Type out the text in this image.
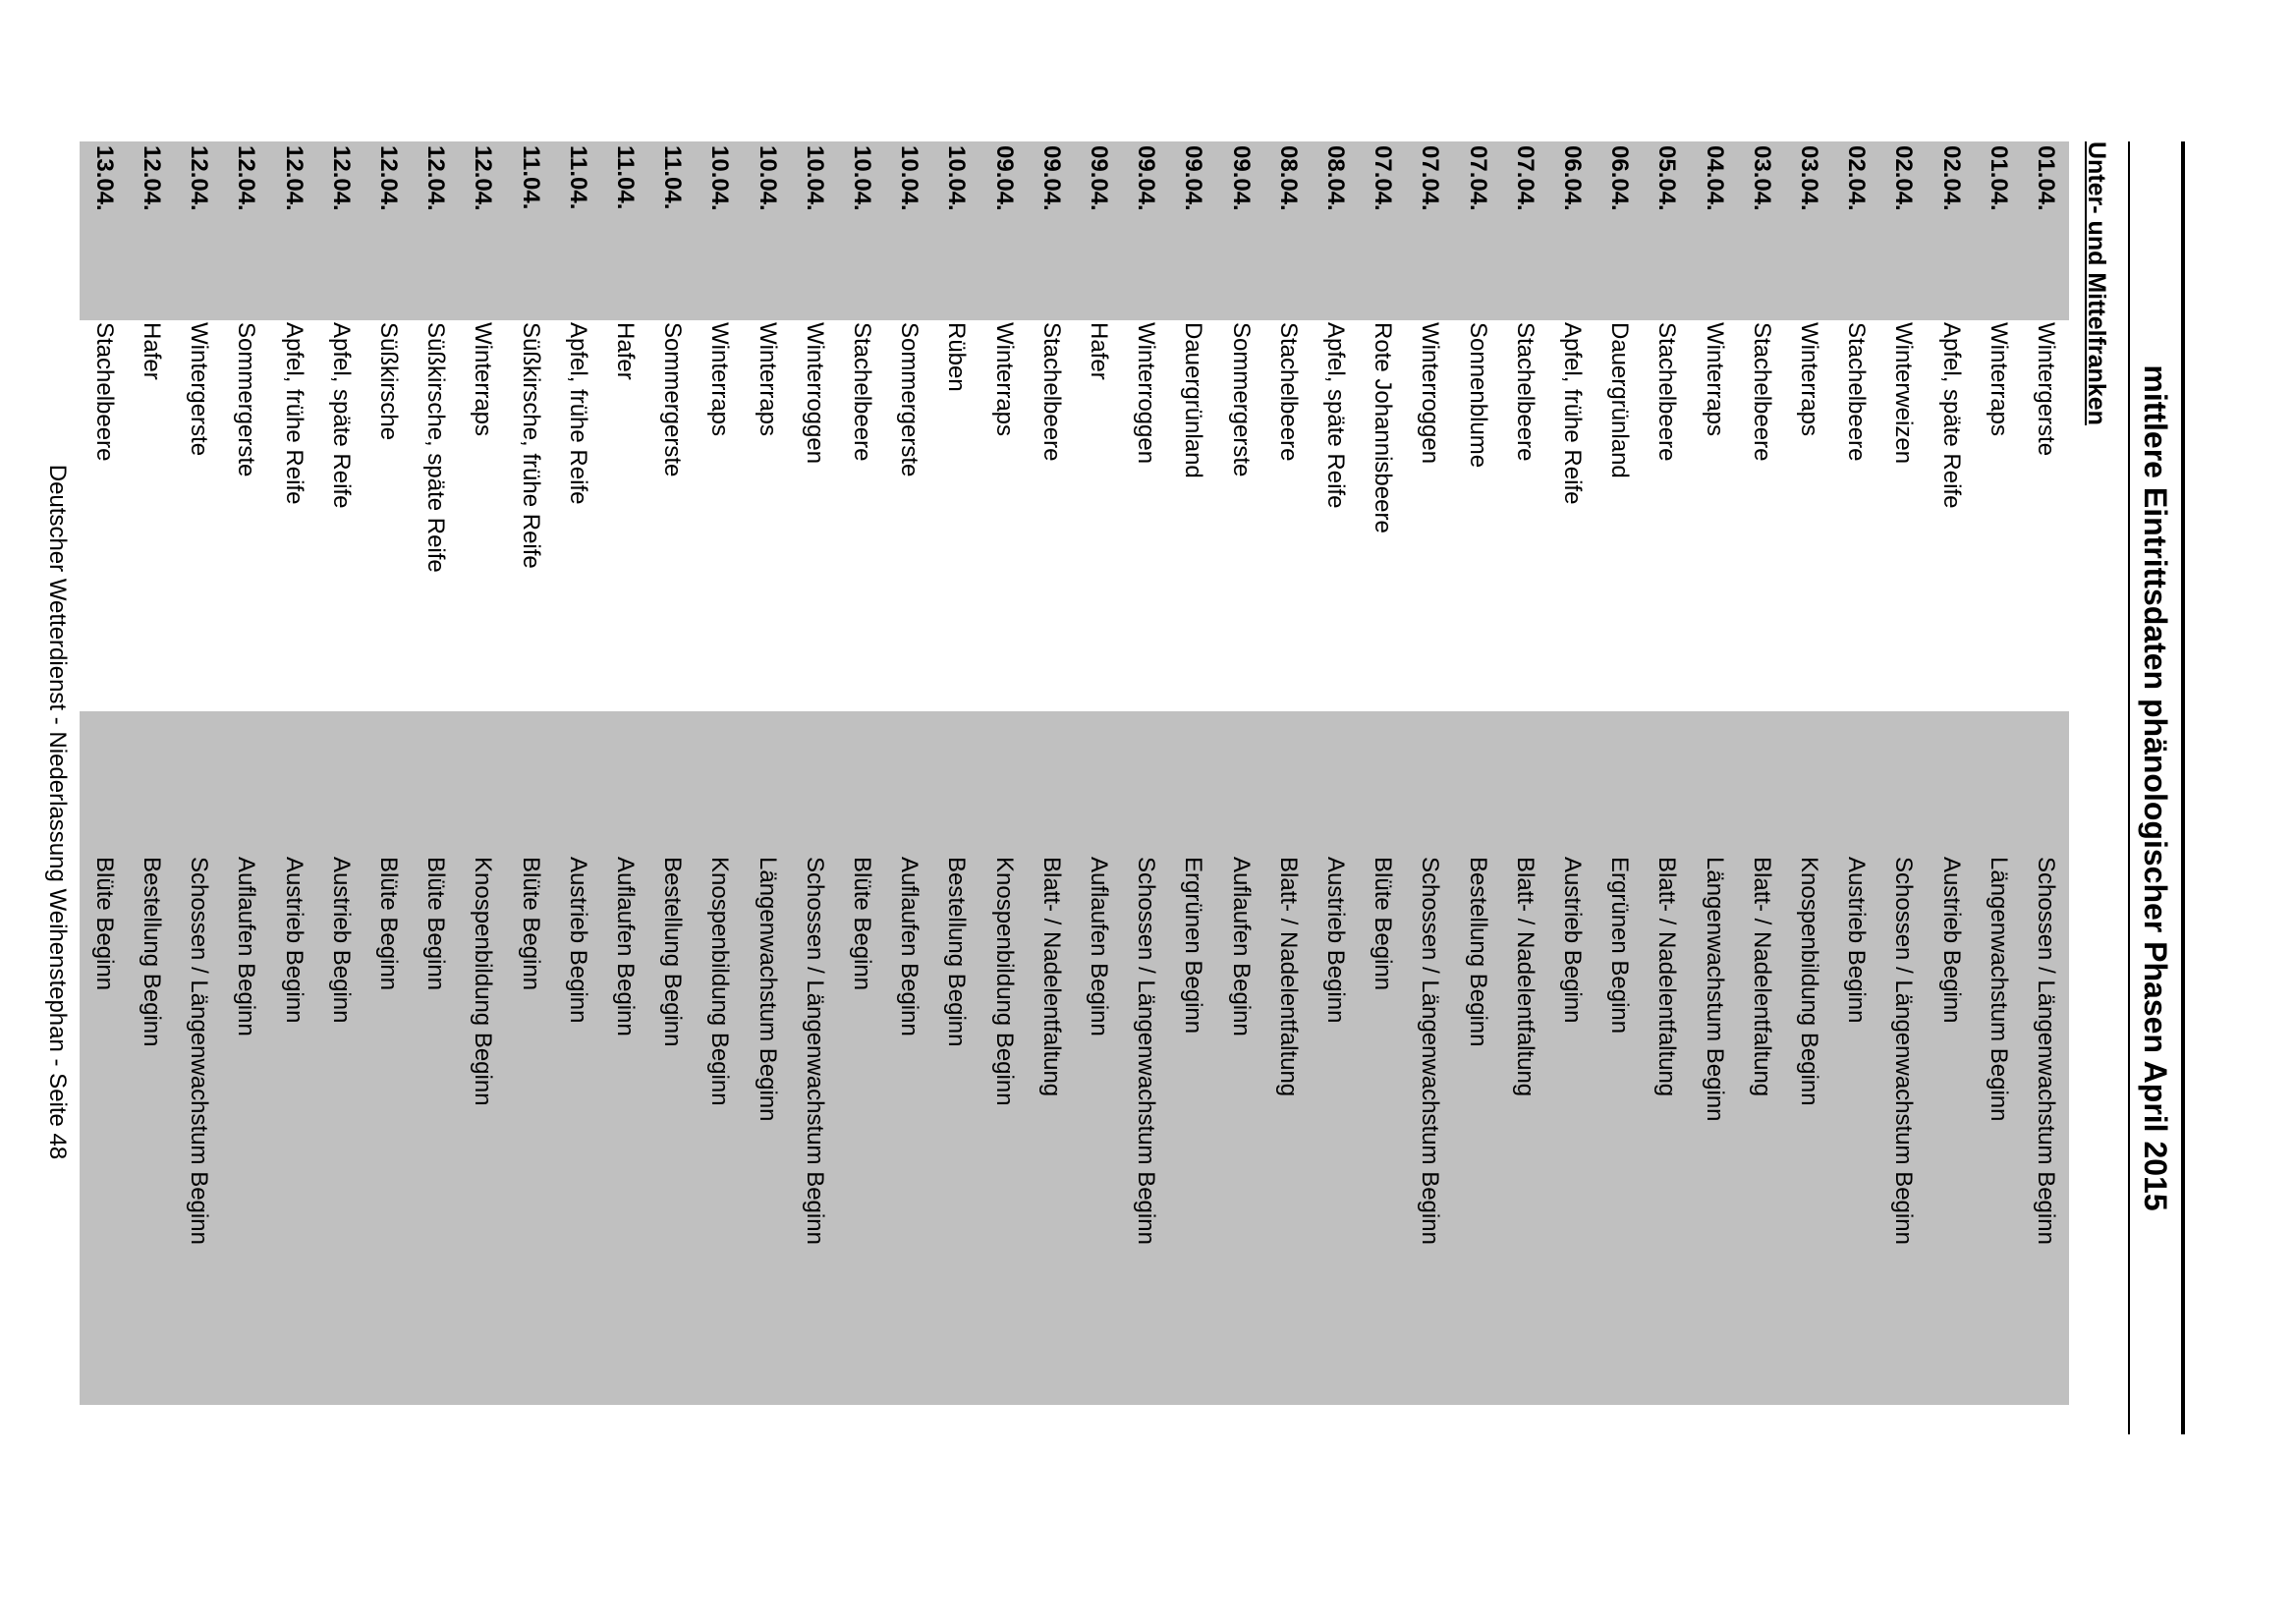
mittlere Eintrittsdaten phänologischer Phasen April 2015
Unter- und Mittelfranken
01.04.
Wintergerste
Schossen / Längenwachstum Beginn
01.04.
Winterraps
Längenwachstum Beginn
02.04.
Apfel, späte Reife
Austrieb Beginn
02.04.
Winterweizen
Schossen / Längenwachstum Beginn
02.04.
Stachelbeere
Austrieb Beginn
03.04.
Winterraps
Knospenbildung Beginn
03.04.
Stachelbeere
Blatt- / Nadelentfaltung
04.04.
Winterraps
Längenwachstum Beginn
05.04.
Stachelbeere
Blatt- / Nadelentfaltung
06.04.
Dauergrünland
Ergrünen Beginn
06.04.
Apfel, frühe Reife
Austrieb Beginn
07.04.
Stachelbeere
Blatt- / Nadelentfaltung
07.04.
Sonnenblume
Bestellung Beginn
07.04.
Winterroggen
Schossen / Längenwachstum Beginn
07.04.
Rote Johannisbeere
Blüte Beginn
08.04.
Apfel, späte Reife
Austrieb Beginn
08.04.
Stachelbeere
Blatt- / Nadelentfaltung
09.04.
Sommergerste
Auflaufen Beginn
09.04.
Dauergrünland
Ergrünen Beginn
09.04.
Winterroggen
Schossen / Längenwachstum Beginn
09.04.
Hafer
Auflaufen Beginn
09.04.
Stachelbeere
Blatt- / Nadelentfaltung
09.04.
Winterraps
Knospenbildung Beginn
10.04.
Rüben
Bestellung Beginn
10.04.
Sommergerste
Auflaufen Beginn
10.04.
Stachelbeere
Blüte Beginn
10.04.
Winterroggen
Schossen / Längenwachstum Beginn
10.04.
Winterraps
Längenwachstum Beginn
10.04.
Winterraps
Knospenbildung Beginn
11.04.
Sommergerste
Bestellung Beginn
11.04.
Hafer
Auflaufen Beginn
11.04.
Apfel, frühe Reife
Austrieb Beginn
11.04.
Süßkirsche, frühe Reife
Blüte Beginn
12.04.
Winterraps
Knospenbildung Beginn
12.04.
Süßkirsche, späte Reife
Blüte Beginn
12.04.
Süßkirsche
Blüte Beginn
12.04.
Apfel, späte Reife
Austrieb Beginn
12.04.
Apfel, frühe Reife
Austrieb Beginn
12.04.
Sommergerste
Auflaufen Beginn
12.04.
Wintergerste
Schossen / Längenwachstum Beginn
12.04.
Hafer
Bestellung Beginn
13.04.
Stachelbeere
Blüte Beginn
Deutscher Wetterdienst - Niederlassung Weihenstephan - Seite 48
